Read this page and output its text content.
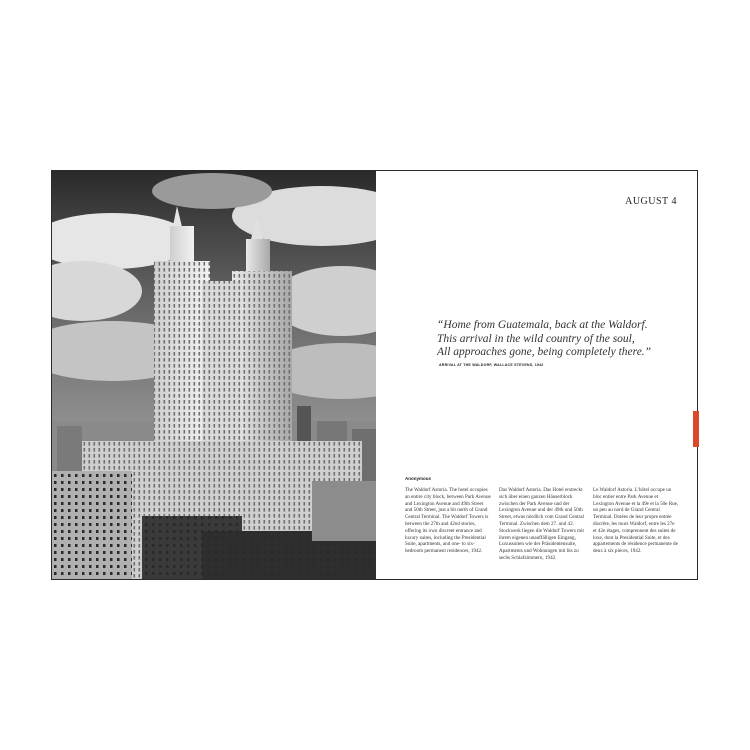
AUGUST 4
“Home from Guatemala, back at the Waldorf.
This arrival in the wild country of the soul,
All approaches gone, being completely there.”
ARRIVAL AT THE WALDORF, WALLACE STEVENS, 1942
Anonymous
The Waldorf Astoria. The hotel occupies an entire city block, between Park Avenue and Lexington Avenue and 49th Street and 50th Street, just a bit north of Grand Central Terminal. The Waldorf Towers is between the 27th and 42nd stories, offering its own discreet entrance and luxury suites, including the Presidential Suite, apartments, and one- to six-bedroom permanent residences, 1942.
Das Waldorf Astoria. Das Hotel erstreckt sich über einen ganzen Häuserblock zwischen der Park Avenue und der Lexington Avenue und der 49th und 50th Street, etwas nördlich vom Grand Central Terminal. Zwischen dem 27. und 42. Stockwerk liegen die Waldorf Towers mit ihrem eigenen unauffälligen Eingang, Luxussuiten wie der Präsidentensuite, Apartments und Wohnungen mit bis zu sechs Schlafzimmern, 1942.
Le Waldorf Astoria. L’hôtel occupe un bloc entier entre Park Avenue et Lexington Avenue et la 49e et la 50e Rue, un peu au nord de Grand Central Terminal. Dotées de leur propre entrée discrète, les tours Waldorf, entre les 27e et 42e étages, comprennent des suites de luxe, dont la Presidential Suite, et des appartements de résidence permanente de deux à six pièces, 1942.
